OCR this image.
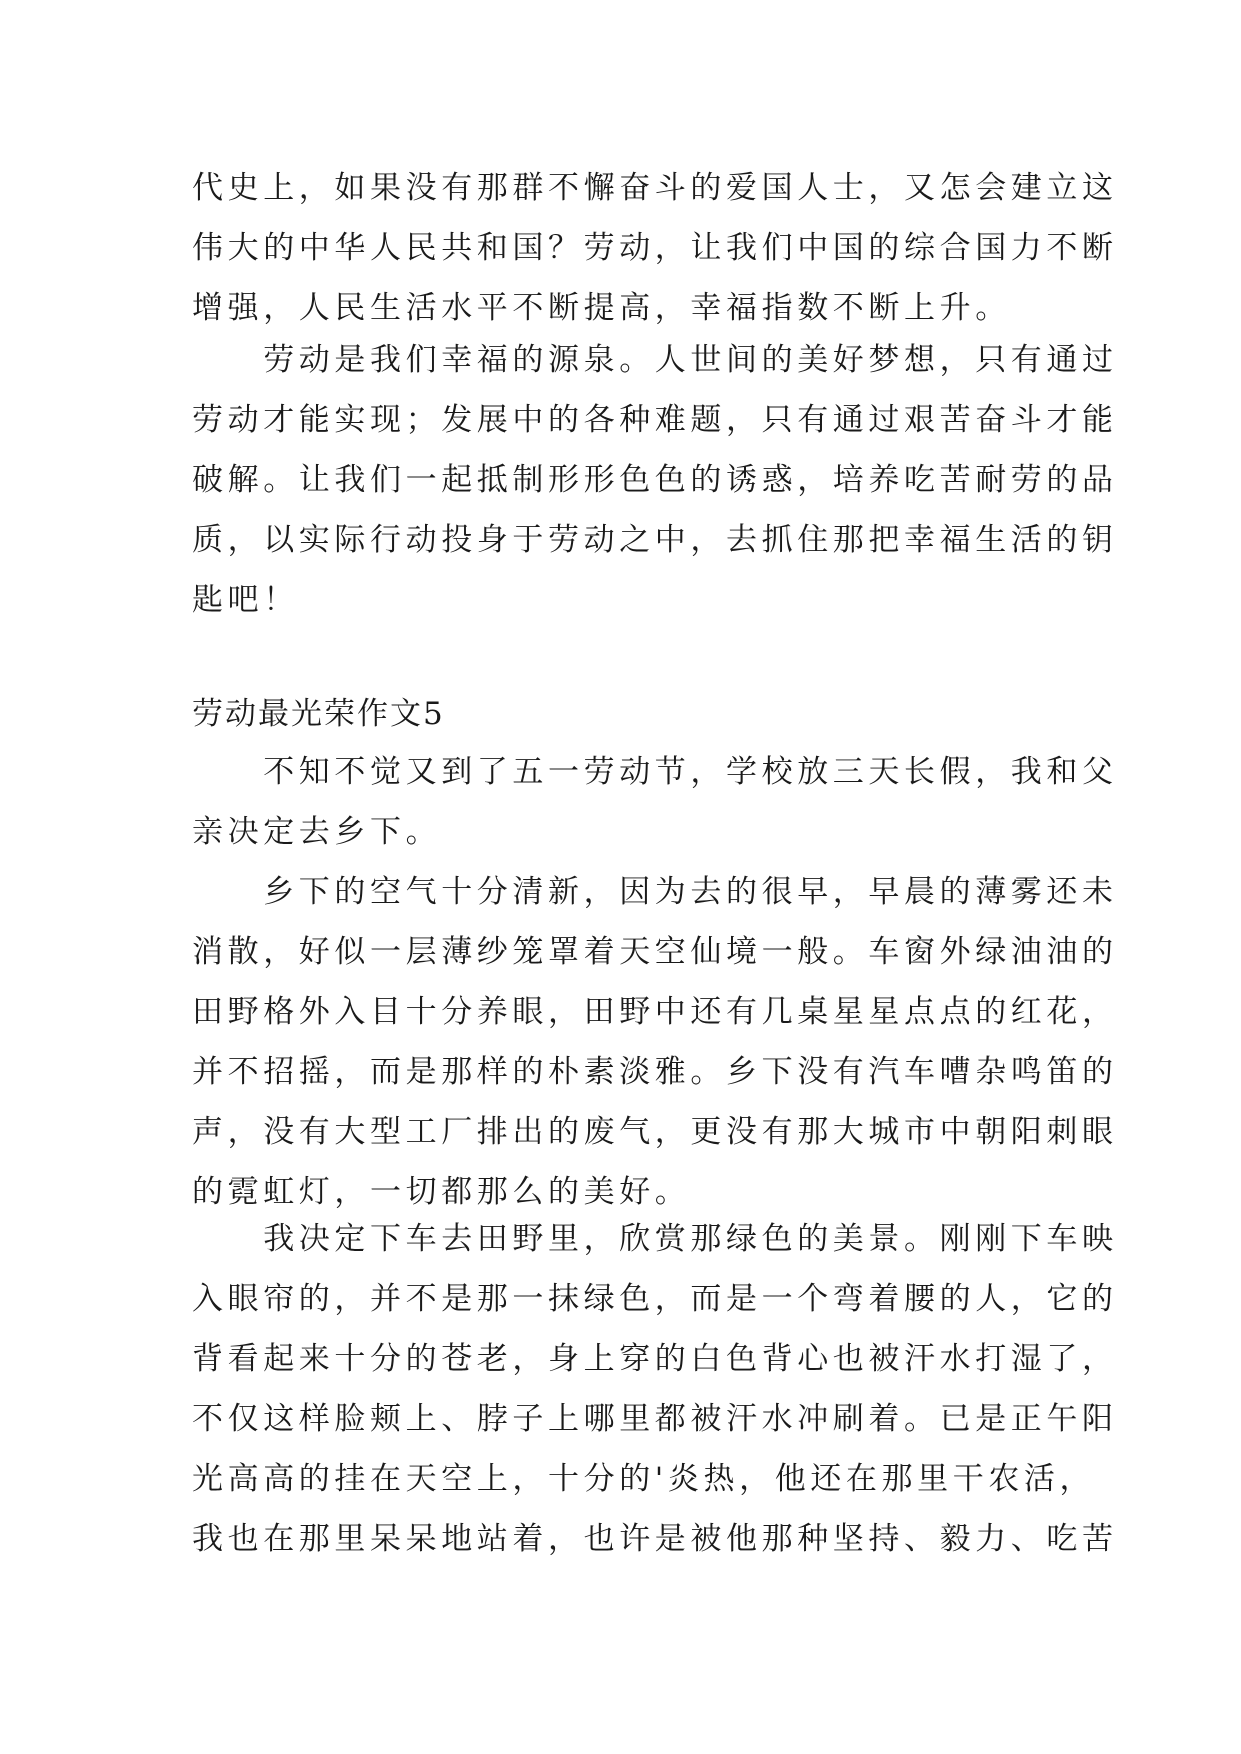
代史上，如果没有那群不懈奋斗的爱国人士，又怎会建立这
伟大的中华人民共和国？劳动，让我们中国的综合国力不断
增强，人民生活水平不断提高，幸福指数不断上升。
　　劳动是我们幸福的源泉。人世间的美好梦想，只有通过
劳动才能实现；发展中的各种难题，只有通过艰苦奋斗才能
破解。让我们一起抵制形形色色的诱惑，培养吃苦耐劳的品
质，以实际行动投身于劳动之中，去抓住那把幸福生活的钥
匙吧！
劳动最光荣作文5
　　不知不觉又到了五一劳动节，学校放三天长假，我和父
亲决定去乡下。
　　乡下的空气十分清新，因为去的很早，早晨的薄雾还未
消散，好似一层薄纱笼罩着天空仙境一般。车窗外绿油油的
田野格外入目十分养眼，田野中还有几桌星星点点的红花，
并不招摇，而是那样的朴素淡雅。乡下没有汽车嘈杂鸣笛的
声，没有大型工厂排出的废气，更没有那大城市中朝阳刺眼
的霓虹灯，一切都那么的美好。
　　我决定下车去田野里，欣赏那绿色的美景。刚刚下车映
入眼帘的，并不是那一抹绿色，而是一个弯着腰的人，它的
背看起来十分的苍老，身上穿的白色背心也被汗水打湿了，
不仅这样脸颊上、脖子上哪里都被汗水冲刷着。已是正午阳
光高高的挂在天空上，十分的'炎热，他还在那里干农活，
我也在那里呆呆地站着，也许是被他那种坚持、毅力、吃苦
